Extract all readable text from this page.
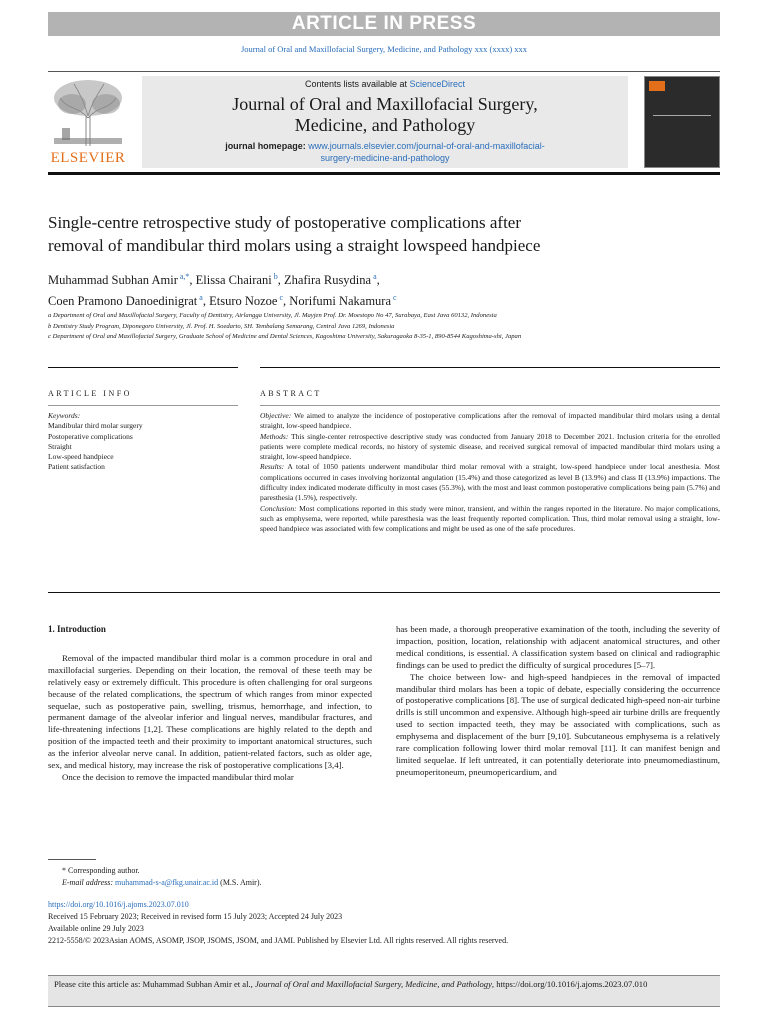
ARTICLE IN PRESS
Journal of Oral and Maxillofacial Surgery, Medicine, and Pathology xxx (xxxx) xxx
ELSEVIER
Contents lists available at ScienceDirect
Journal of Oral and Maxillofacial Surgery,
Medicine, and Pathology
journal homepage: www.journals.elsevier.com/journal-of-oral-and-maxillofacial-
surgery-medicine-and-pathology
Single-centre retrospective study of postoperative complications after
removal of mandibular third molars using a straight lowspeed handpiece
Muhammad Subhan Amir $^{a,*}$, Elissa Chairani $^b$, Zhafira Rusydina $^a$,
Coen Pramono Danoedinigrat $^a$, Etsuro Nozoe $^c$, Norifumi Nakamura $^c$
a Department of Oral and Maxillofacial Surgery, Faculty of Dentistry, Airlangga University, Jl. Mayjen Prof. Dr. Moestopo No 47, Surabaya, East Java 60132, Indonesia
b Dentistry Study Program, Diponegoro University, Jl. Prof. H. Soedarto, SH. Tembalang Semarang, Central Java 1269, Indonesia
c Department of Oral and Maxillofacial Surgery, Graduate School of Medicine and Dental Sciences, Kagoshima University, Sakuragaoka 8-35-1, 890-8544 Kagoshima-shi, Japan
ARTICLE INFO	ABSTRACT
Keywords:
Mandibular third molar surgery
Postoperative complications
Straight
Low-speed handpiece
Patient satisfaction
Objective: We aimed to analyze the incidence of postoperative complications after the removal of impacted mandibular third molars using a dental straight, low-speed handpiece.
Methods: This single-center retrospective descriptive study was conducted from January 2018 to December 2021. Inclusion criteria for the enrolled patients were complete medical records, no history of systemic disease, and received surgical removal of impacted mandibular third molars using a straight, low-speed handpiece.
Results: A total of 1050 patients underwent mandibular third molar removal with a straight, low-speed handpiece under local anesthesia. Most complications occurred in cases involving horizontal angulation (15.4%) and those categorized as level B (13.9%) and class II (13.9%) impactions. The difficulty index indicated moderate difficulty in most cases (55.3%), with the most and least common postoperative complications being pain (5.7%) and paresthesia (1.5%), respectively.
Conclusion: Most complications reported in this study were minor, transient, and within the ranges reported in the literature. No major complications, such as emphysema, were reported, while paresthesia was the least frequently reported complication. Thus, third molar removal using a straight, low-speed handpiece was associated with few complications and might be used as one of the safe procedures.
1. Introduction

Removal of the impacted mandibular third molar is a common procedure in oral and maxillofacial surgeries. Depending on their location, the removal of these teeth may be relatively easy or extremely difficult. This procedure is often challenging for oral surgeons because of the related complications, the spectrum of which ranges from minor expected sequelae, such as postoperative pain, swelling, trismus, hemorrhage, and infection, to permanent damage of the alveolar inferior and lingual nerves, mandibular fractures, and life-threatening infections [1,2]. These complications are highly related to the depth and position of the impacted teeth and their proximity to important anatomical structures, such as the inferior alveolar nerve canal. In addition, patient-related factors, such as older age, sex, and medical history, may increase the risk of postoperative complications [3,4].

Once the decision to remove the impacted mandibular third molar

has been made, a thorough preoperative examination of the tooth, including the severity of impaction, position, location, relationship with adjacent anatomical structures, and other medical conditions, is essential. A classification system based on clinical and radiographic findings can be used to predict the difficulty of surgical procedures [5–7].

The choice between low- and high-speed handpieces in the removal of impacted mandibular third molars has been a topic of debate, especially considering the occurrence of postoperative complications [8]. The use of surgical dedicated high-speed non-air turbine drills is still uncommon and expensive. Although high-speed air turbine drills are frequently used to section impacted teeth, they may be associated with complications, such as emphysema and displacement of the burr [9,10]. Subcutaneous emphysema is a relatively rare complication following lower third molar removal [11]. It can manifest benign and limited sequelae. If left untreated, it can potentially deteriorate into pneumomediastinum, pneumoperitoneum, pneumopericardium, and

* Corresponding author.
E-mail address: muhammad-s-a@fkg.unair.ac.id (M.S. Amir).
https://doi.org/10.1016/j.ajoms.2023.07.010
Received 15 February 2023; Received in revised form 15 July 2023; Accepted 24 July 2023
Available online 29 July 2023
2212-5558/© 2023Asian AOMS, ASOMP, JSOP, JSOMS, JSOM, and JAMI. Published by Elsevier Ltd. All rights reserved. All rights reserved.
Please cite this article as: Muhammad Subhan Amir et al., Journal of Oral and Maxillofacial Surgery, Medicine, and Pathology, https://doi.org/10.1016/j.ajoms.2023.07.010
